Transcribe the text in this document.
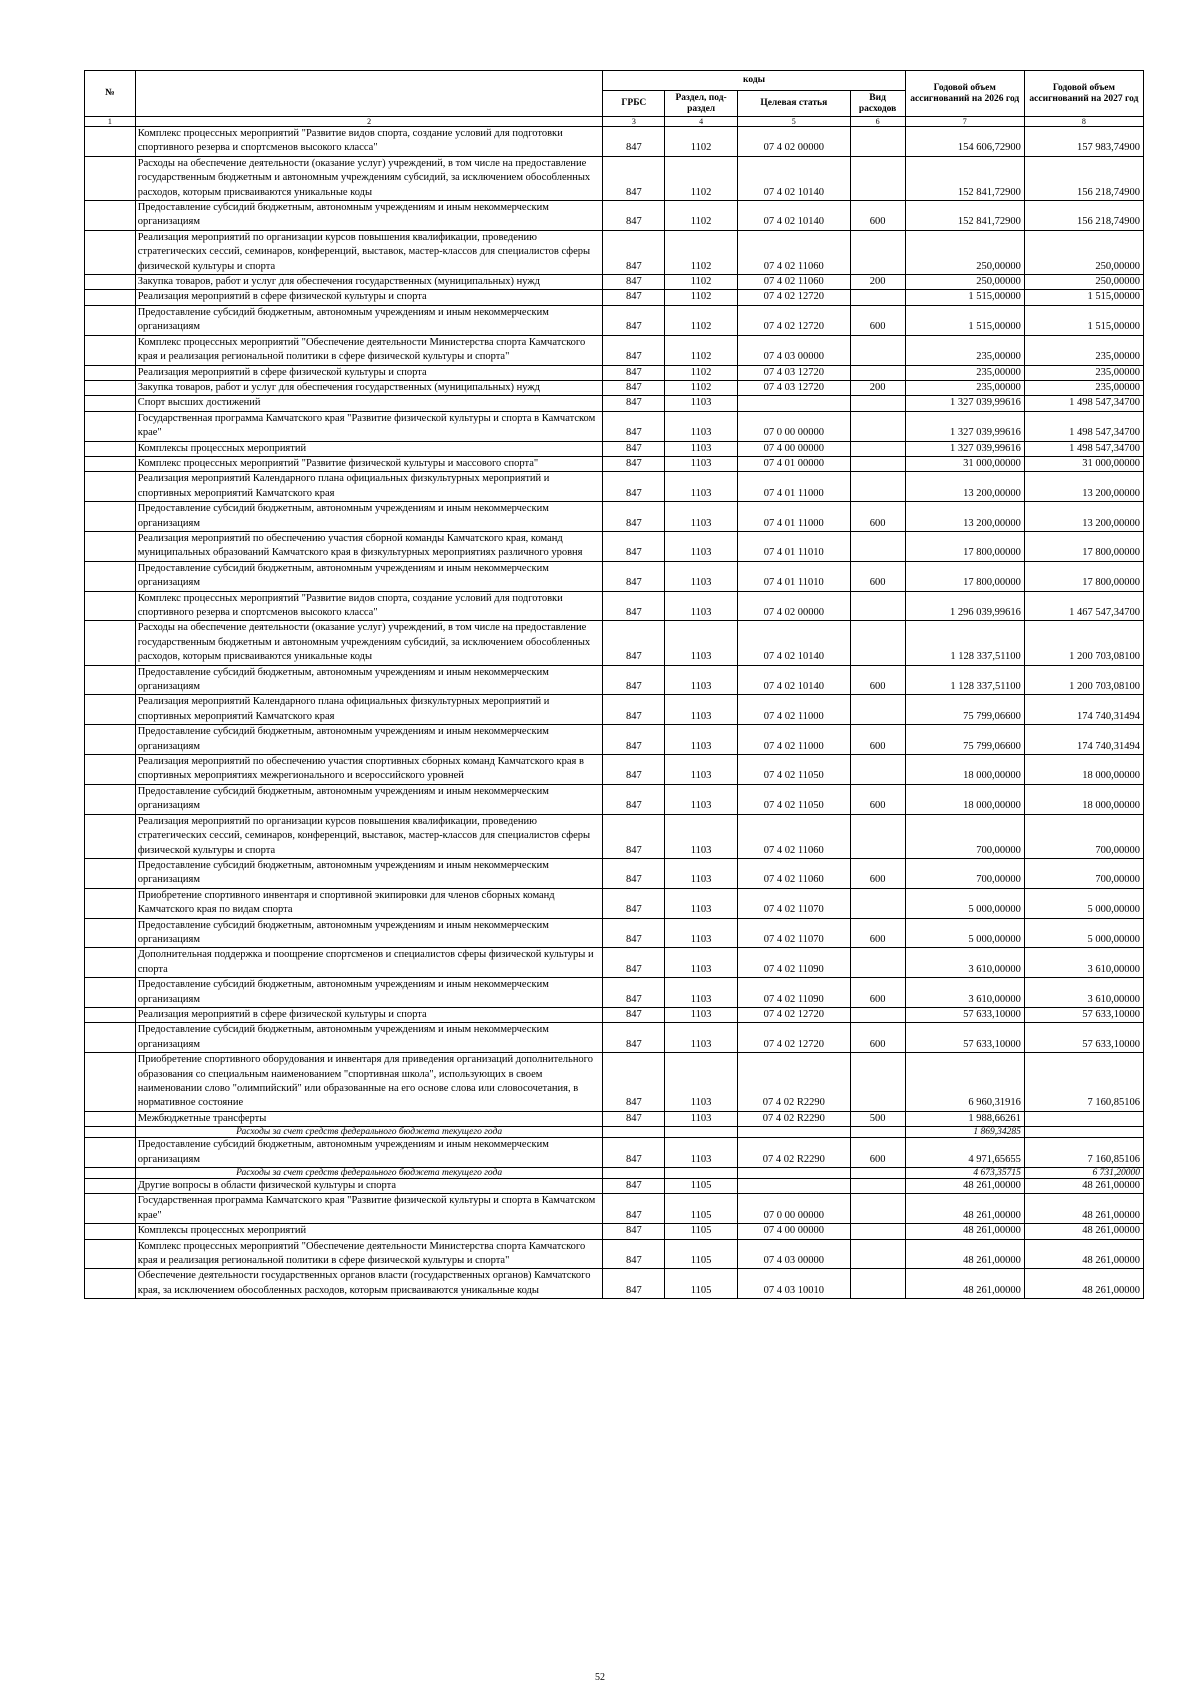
№		коды				Годовой объем ассигнований на 2026 год	Годовой объем ассигнований на 2027 год
		ГРБС	Раздел, под-раздел	Целевая статья	Вид расходов		
1	2	3	4	5	6	7	8
	Комплекс процессных мероприятий "Развитие видов спорта, создание условий для подготовки спортивного резерва и спортсменов высокого класса"	847	1102	07 4 02 00000		154 606,72900	157 983,74900
	Расходы на обеспечение деятельности (оказание услуг) учреждений, в том числе на предоставление государственным бюджетным и автономным учреждениям субсидий, за исключением обособленных расходов, которым присваиваются уникальные коды	847	1102	07 4 02 10140		152 841,72900	156 218,74900
	Предоставление субсидий бюджетным, автономным учреждениям и иным некоммерческим организациям	847	1102	07 4 02 10140	600	152 841,72900	156 218,74900
	Реализация мероприятий по организации курсов повышения квалификации, проведению стратегических сессий, семинаров, конференций, выставок, мастер-классов для специалистов сферы физической культуры и спорта	847	1102	07 4 02 11060		250,00000	250,00000
	Закупка товаров, работ и услуг для обеспечения государственных (муниципальных) нужд	847	1102	07 4 02 11060	200	250,00000	250,00000
	Реализация мероприятий в сфере физической культуры и спорта	847	1102	07 4 02 12720		1 515,00000	1 515,00000
	Предоставление субсидий бюджетным, автономным учреждениям и иным некоммерческим организациям	847	1102	07 4 02 12720	600	1 515,00000	1 515,00000
	Комплекс процессных мероприятий "Обеспечение деятельности Министерства спорта Камчатского края и реализация региональной политики в сфере физической культуры и спорта"	847	1102	07 4 03 00000		235,00000	235,00000
	Реализация мероприятий в сфере физической культуры и спорта	847	1102	07 4 03 12720		235,00000	235,00000
	Закупка товаров, работ и услуг для обеспечения государственных (муниципальных) нужд	847	1102	07 4 03 12720	200	235,00000	235,00000
	Спорт высших достижений	847	1103			1 327 039,99616	1 498 547,34700
	Государственная программа Камчатского края "Развитие физической культуры и спорта в Камчатском крае"	847	1103	07 0 00 00000		1 327 039,99616	1 498 547,34700
	Комплексы процессных мероприятий	847	1103	07 4 00 00000		1 327 039,99616	1 498 547,34700
	Комплекс процессных мероприятий "Развитие физической культуры и массового спорта"	847	1103	07 4 01 00000		31 000,00000	31 000,00000
	Реализация мероприятий Календарного плана официальных физкультурных мероприятий и спортивных мероприятий Камчатского края	847	1103	07 4 01 11000		13 200,00000	13 200,00000
	Предоставление субсидий бюджетным, автономным учреждениям и иным некоммерческим организациям	847	1103	07 4 01 11000	600	13 200,00000	13 200,00000
	Реализация мероприятий по обеспечению участия сборной команды Камчатского края, команд муниципальных образований Камчатского края в физкультурных мероприятиях различного уровня	847	1103	07 4 01 11010		17 800,00000	17 800,00000
	Предоставление субсидий бюджетным, автономным учреждениям и иным некоммерческим организациям	847	1103	07 4 01 11010	600	17 800,00000	17 800,00000
	Комплекс процессных мероприятий "Развитие видов спорта, создание условий для подготовки спортивного резерва и спортсменов высокого класса"	847	1103	07 4 02 00000		1 296 039,99616	1 467 547,34700
	Расходы на обеспечение деятельности (оказание услуг) учреждений, в том числе на предоставление государственным бюджетным и автономным учреждениям субсидий, за исключением обособленных расходов, которым присваиваются уникальные коды	847	1103	07 4 02 10140		1 128 337,51100	1 200 703,08100
	Предоставление субсидий бюджетным, автономным учреждениям и иным некоммерческим организациям	847	1103	07 4 02 10140	600	1 128 337,51100	1 200 703,08100
	Реализация мероприятий Календарного плана официальных физкультурных мероприятий и спортивных мероприятий Камчатского края	847	1103	07 4 02 11000		75 799,06600	174 740,31494
	Предоставление субсидий бюджетным, автономным учреждениям и иным некоммерческим организациям	847	1103	07 4 02 11000	600	75 799,06600	174 740,31494
	Реализация мероприятий по обеспечению участия спортивных сборных команд Камчатского края в спортивных мероприятиях межрегионального и всероссийского уровней	847	1103	07 4 02 11050		18 000,00000	18 000,00000
	Предоставление субсидий бюджетным, автономным учреждениям и иным некоммерческим организациям	847	1103	07 4 02 11050	600	18 000,00000	18 000,00000
	Реализация мероприятий по организации курсов повышения квалификации, проведению стратегических сессий, семинаров, конференций, выставок, мастер-классов для специалистов сферы физической культуры и спорта	847	1103	07 4 02 11060		700,00000	700,00000
	Предоставление субсидий бюджетным, автономным учреждениям и иным некоммерческим организациям	847	1103	07 4 02 11060	600	700,00000	700,00000
	Приобретение спортивного инвентаря и спортивной экипировки для членов сборных команд Камчатского края по видам спорта	847	1103	07 4 02 11070		5 000,00000	5 000,00000
	Предоставление субсидий бюджетным, автономным учреждениям и иным некоммерческим организациям	847	1103	07 4 02 11070	600	5 000,00000	5 000,00000
	Дополнительная поддержка и поощрение спортсменов и специалистов сферы физической культуры и спорта	847	1103	07 4 02 11090		3 610,00000	3 610,00000
	Предоставление субсидий бюджетным, автономным учреждениям и иным некоммерческим организациям	847	1103	07 4 02 11090	600	3 610,00000	3 610,00000
	Реализация мероприятий в сфере физической культуры и спорта	847	1103	07 4 02 12720		57 633,10000	57 633,10000
	Предоставление субсидий бюджетным, автономным учреждениям и иным некоммерческим организациям	847	1103	07 4 02 12720	600	57 633,10000	57 633,10000
	Приобретение спортивного оборудования и инвентаря для приведения организаций дополнительного образования со специальным наименованием "спортивная школа", использующих в своем наименовании слово "олимпийский" или образованные на его основе слова или словосочетания, в нормативное состояние	847	1103	07 4 02 R2290		6 960,31916	7 160,85106
	Межбюджетные трансферты	847	1103	07 4 02 R2290	500	1 988,66261	
	Расходы за счет средств федерального бюджета текущего года					1 869,34285	
	Предоставление субсидий бюджетным, автономным учреждениям и иным некоммерческим организациям	847	1103	07 4 02 R2290	600	4 971,65655	7 160,85106
	Расходы за счет средств федерального бюджета текущего года					4 673,35715	6 731,20000
	Другие вопросы в области физической культуры и спорта	847	1105			48 261,00000	48 261,00000
	Государственная программа Камчатского края "Развитие физической культуры и спорта в Камчатском крае"	847	1105	07 0 00 00000		48 261,00000	48 261,00000
	Комплексы процессных мероприятий	847	1105	07 4 00 00000		48 261,00000	48 261,00000
	Комплекс процессных мероприятий "Обеспечение деятельности Министерства спорта Камчатского края и реализация региональной политики в сфере физической культуры и спорта"	847	1105	07 4 03 00000		48 261,00000	48 261,00000
	Обеспечение деятельности государственных органов власти (государственных органов) Камчатского края, за исключением обособленных расходов, которым присваиваются уникальные коды	847	1105	07 4 03 10010		48 261,00000	48 261,00000
52
